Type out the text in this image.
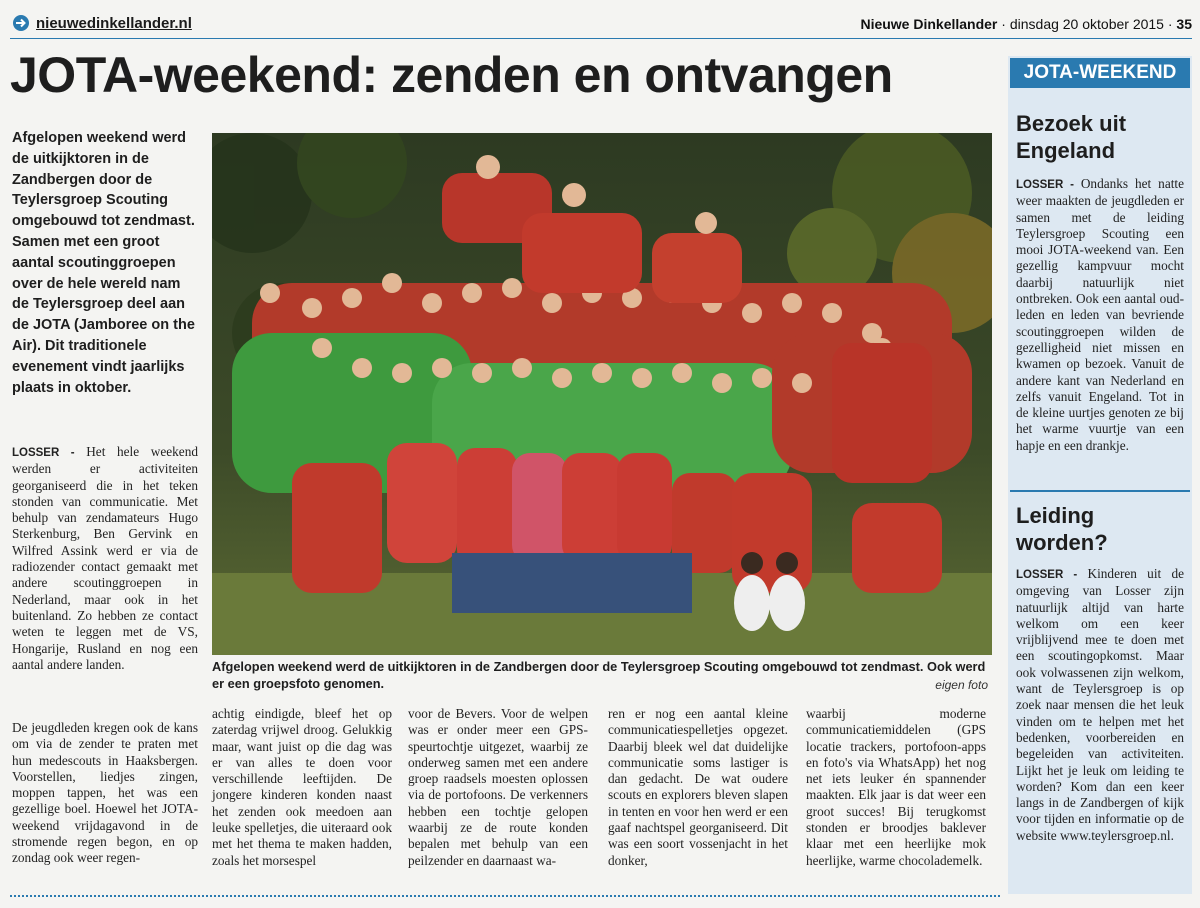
nieuwedinkellander.nl	Nieuwe Dinkellander · dinsdag 20 oktober 2015 · 35
JOTA-weekend: zenden en ontvangen

Afgelopen weekend werd de uitkijktoren in de Zandbergen door de Teylersgroep Scouting omgebouwd tot zendmast. Samen met een groot aantal scoutinggroepen over de hele wereld nam de Teylersgroep deel aan de JOTA (Jamboree on the Air). Dit traditionele evenement vindt jaarlijks plaats in oktober.

LOSSER - Het hele weekend werden er activiteiten georganiseerd die in het teken stonden van communicatie. Met behulp van zendamateurs Hugo Sterkenburg, Ben Gervink en Wilfred Assink werd er via de radiozender contact gemaakt met andere scoutinggroepen in Nederland, maar ook in het buitenland. Zo hebben ze contact weten te leggen met de VS, Hongarije, Rusland en nog een aantal andere landen.

De jeugdleden kregen ook de kans om via de zender te praten met hun medescouts in Haaksbergen. Voorstellen, liedjes zingen, moppen tappen, het was een gezellige boel. Hoewel het JOTA-weekend vrijdagavond in de stromende regen begon, en op zondag ook weer regen-

Afgelopen weekend werd de uitkijktoren in de Zandbergen door de Teylersgroep Scouting omgebouwd tot zendmast. Ook werd er een groepsfoto genomen.	eigen foto

achtig eindigde, bleef het op zaterdag vrijwel droog. Gelukkig maar, want juist op die dag was er van alles te doen voor verschillende leeftijden. De jongere kinderen konden naast het zenden ook meedoen aan leuke spelletjes, die uiteraard ook met het thema te maken hadden, zoals het morsespel

voor de Bevers. Voor de welpen was er onder meer een GPS-speurtochtje uitgezet, waarbij ze onderweg samen met een andere groep raadsels moesten oplossen via de portofoons. De verkenners hebben een tochtje gelopen waarbij ze de route konden bepalen met behulp van een peilzender en daarnaast wa-

ren er nog een aantal kleine communicatiespelletjes opgezet. Daarbij bleek wel dat duidelijke communicatie soms lastiger is dan gedacht. De wat oudere scouts en explorers bleven slapen in tenten en voor hen werd er een gaaf nachtspel georganiseerd. Dit was een soort vossenjacht in het donker,

waarbij moderne communicatiemiddelen (GPS locatie trackers, portofoon-apps en foto's via WhatsApp) het nog net iets leuker én spannender maakten. Elk jaar is dat weer een groot succes! Bij terugkomst stonden er broodjes baklever klaar met een heerlijke mok heerlijke, warme chocolademelk.

JOTA-WEEKEND
Bezoek uit Engeland

LOSSER - Ondanks het natte weer maakten de jeugdleden er samen met de leiding Teylersgroep Scouting een mooi JOTA-weekend van. Een gezellig kampvuur mocht daarbij natuurlijk niet ontbreken. Ook een aantal oud-leden en leden van bevriende scoutinggroepen wilden de gezelligheid niet missen en kwamen op bezoek. Vanuit de andere kant van Nederland en zelfs vanuit Engeland. Tot in de kleine uurtjes genoten ze bij het warme vuurtje van een hapje en een drankje.

Leiding worden?

LOSSER - Kinderen uit de omgeving van Losser zijn natuurlijk altijd van harte welkom om een keer vrijblijvend mee te doen met een scoutingopkomst. Maar ook volwassenen zijn welkom, want de Teylersgroep is op zoek naar mensen die het leuk vinden om te helpen met het bedenken, voorbereiden en begeleiden van activiteiten. Lijkt het je leuk om leiding te worden? Kom dan een keer langs in de Zandbergen of kijk voor tijden en informatie op de website www.teylersgroep.nl.
